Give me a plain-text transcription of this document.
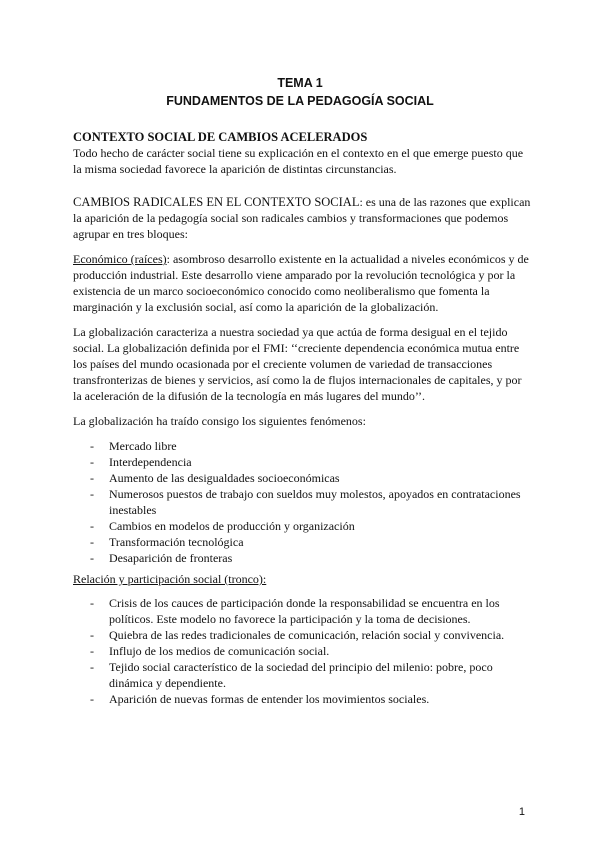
TEMA 1
FUNDAMENTOS DE LA PEDAGOGÍA SOCIAL

CONTEXTO SOCIAL DE CAMBIOS ACELERADOS

Todo hecho de carácter social tiene su explicación en el contexto en el que emerge puesto que la misma sociedad favorece la aparición de distintas circunstancias.

CAMBIOS RADICALES EN EL CONTEXTO SOCIAL: es una de las razones que explican la aparición de la pedagogía social son radicales cambios y transformaciones que podemos agrupar en tres bloques:

Económico (raíces): asombroso desarrollo existente en la actualidad a niveles económicos y de producción industrial. Este desarrollo viene amparado por la revolución tecnológica y por la existencia de un marco socioeconómico conocido como neoliberalismo que fomenta la marginación y la exclusión social, así como la aparición de la globalización.

La globalización caracteriza a nuestra sociedad ya que actúa de forma desigual en el tejido social. La globalización definida por el FMI: ‘‘creciente dependencia económica mutua entre los países del mundo ocasionada por el creciente volumen de variedad de transacciones transfronterizas de bienes y servicios, así como la de flujos internacionales de capitales, y por la aceleración de la difusión de la tecnología en más lugares del mundo’’.

La globalización ha traído consigo los siguientes fenómenos:

- Mercado libre
- Interdependencia
- Aumento de las desigualdades socioeconómicas
- Numerosos puestos de trabajo con sueldos muy molestos, apoyados en contrataciones inestables
- Cambios en modelos de producción y organización
- Transformación tecnológica
- Desaparición de fronteras

Relación y participación social (tronco):

- Crisis de los cauces de participación donde la responsabilidad se encuentra en los políticos. Este modelo no favorece la participación y la toma de decisiones.
- Quiebra de las redes tradicionales de comunicación, relación social y convivencia.
- Influjo de los medios de comunicación social.
- Tejido social característico de la sociedad del principio del milenio: pobre, poco dinámica y dependiente.
- Aparición de nuevas formas de entender los movimientos sociales.
1
